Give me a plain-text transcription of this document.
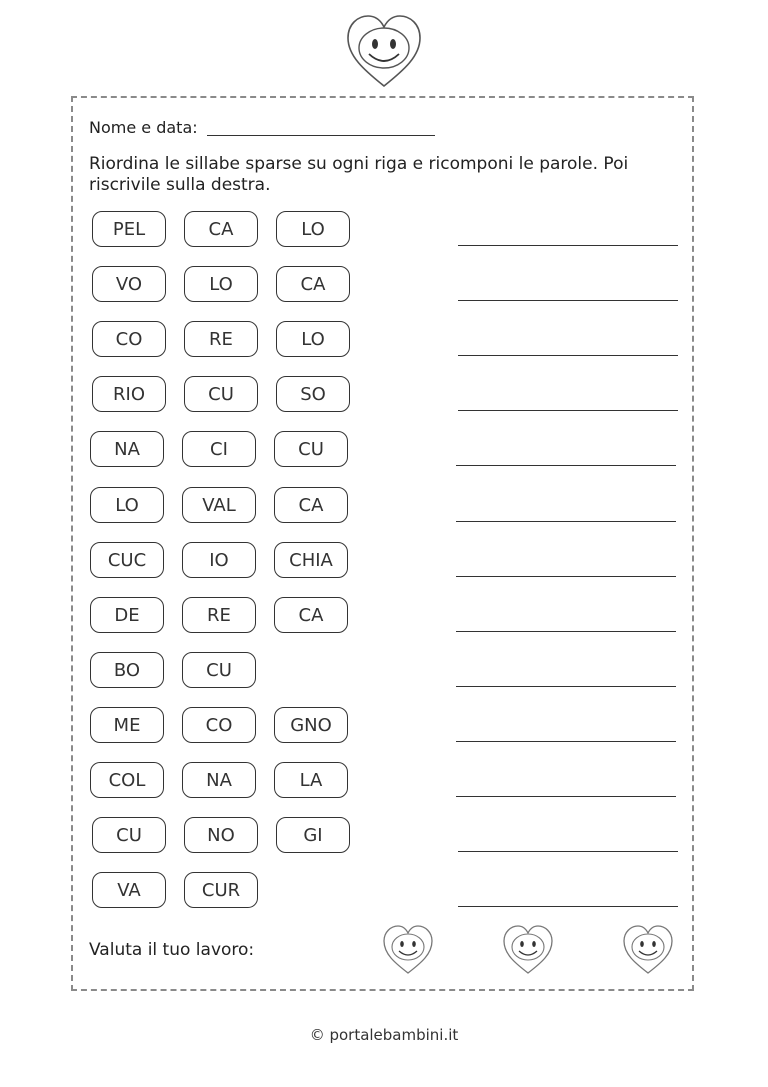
Nome e data:
Riordina le sillabe sparse su ogni riga e ricomponi le parole. Poi riscrivile sulla destra.
PEL	CA	LO
VO	LO	CA
CO	RE	LO
RIO	CU	SO
NA	CI	CU
LO	VAL	CA
CUC	IO	CHIA
DE	RE	CA
BO	CU
ME	CO	GNO
COL	NA	LA
CU	NO	GI
VA	CUR
Valuta il tuo lavoro:
© portalebambini.it
